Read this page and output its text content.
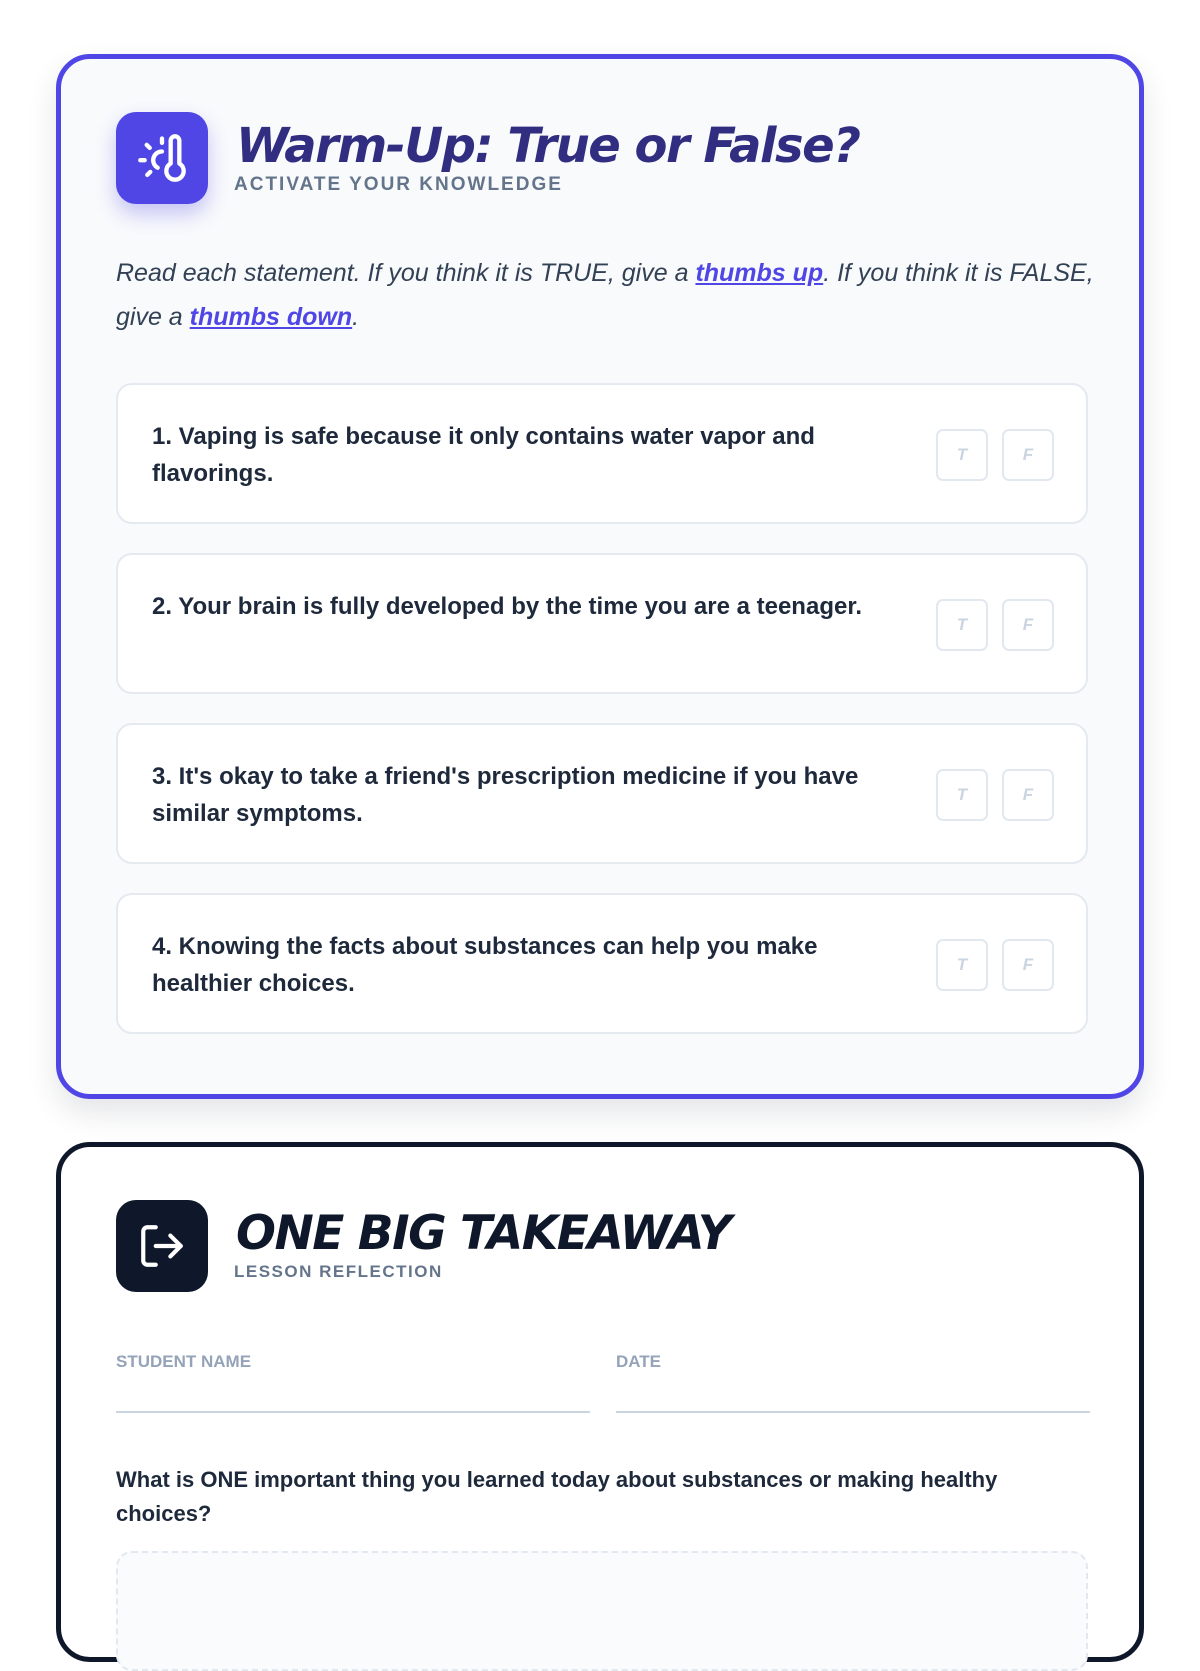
Warm-Up: True or False?
ACTIVATE YOUR KNOWLEDGE
Read each statement. If you think it is TRUE, give a thumbs up. If you think it is FALSE, give a thumbs down.
1. Vaping is safe because it only contains water vapor and flavorings.
T	F
2. Your brain is fully developed by the time you are a teenager.
T	F
3. It's okay to take a friend's prescription medicine if you have similar symptoms.
T	F
4. Knowing the facts about substances can help you make healthier choices.
T	F
ONE BIG TAKEAWAY
LESSON REFLECTION
STUDENT NAME	DATE
What is ONE important thing you learned today about substances or making healthy choices?
